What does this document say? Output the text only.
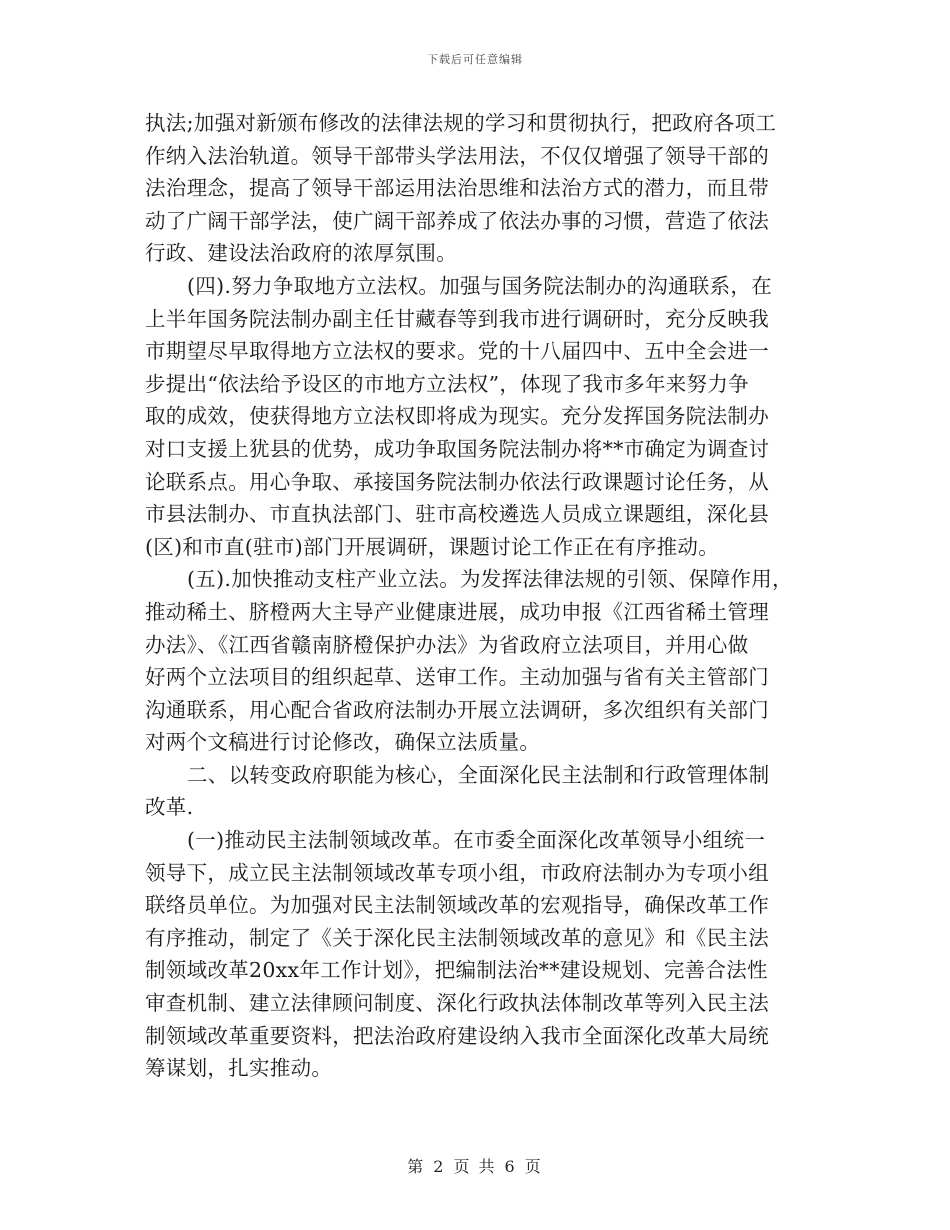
下载后可任意编辑
执法;加强对新颁布修改的法律法规的学习和贯彻执行，把政府各项工
作纳入法治轨道。领导干部带头学法用法，不仅仅增强了领导干部的
法治理念，提高了领导干部运用法治思维和法治方式的潜力，而且带
动了广阔干部学法，使广阔干部养成了依法办事的习惯，营造了依法
行政、建设法治政府的浓厚氛围。
(四).努力争取地方立法权。加强与国务院法制办的沟通联系，在
上半年国务院法制办副主任甘藏春等到我市进行调研时，充分反映我
市期望尽早取得地方立法权的要求。党的十八届四中、五中全会进一
步提出“依法给予设区的市地方立法权”，体现了我市多年来努力争
取的成效，使获得地方立法权即将成为现实。充分发挥国务院法制办
对口支援上犹县的优势，成功争取国务院法制办将**市确定为调查讨
论联系点。用心争取、承接国务院法制办依法行政课题讨论任务，从
市县法制办、市直执法部门、驻市高校遴选人员成立课题组，深化县
(区)和市直(驻市)部门开展调研，课题讨论工作正在有序推动。
(五).加快推动支柱产业立法。为发挥法律法规的引领、保障作用，
推动稀土、脐橙两大主导产业健康进展，成功申报《江西省稀土管理
办法》、《江西省赣南脐橙保护办法》为省政府立法项目，并用心做
好两个立法项目的组织起草、送审工作。主动加强与省有关主管部门
沟通联系，用心配合省政府法制办开展立法调研，多次组织有关部门
对两个文稿进行讨论修改，确保立法质量。
二、以转变政府职能为核心，全面深化民主法制和行政管理体制
改革.
(一)推动民主法制领域改革。在市委全面深化改革领导小组统一
领导下，成立民主法制领域改革专项小组，市政府法制办为专项小组
联络员单位。为加强对民主法制领域改革的宏观指导，确保改革工作
有序推动，制定了《关于深化民主法制领域改革的意见》和《民主法
制领域改革20xx年工作计划》，把编制法治**建设规划、完善合法性
审查机制、建立法律顾问制度、深化行政执法体制改革等列入民主法
制领域改革重要资料，把法治政府建设纳入我市全面深化改革大局统
筹谋划，扎实推动。
第 2 页 共 6 页
